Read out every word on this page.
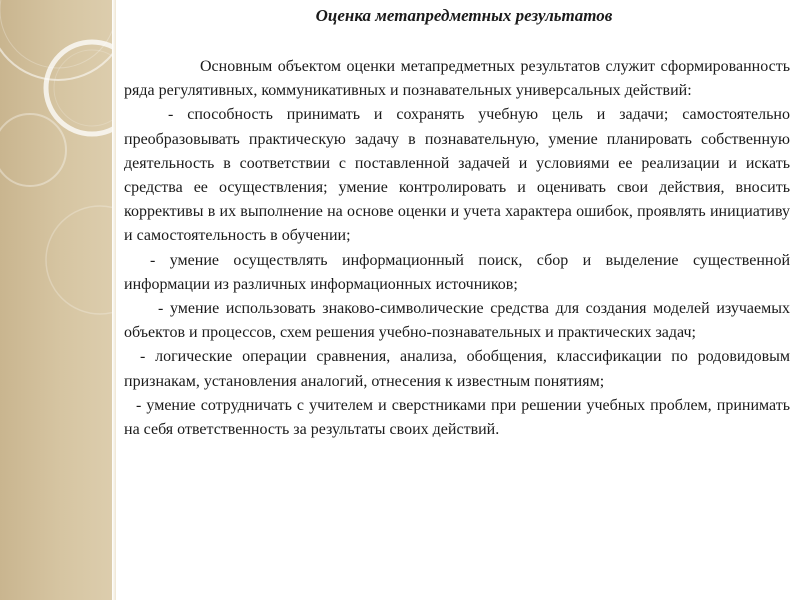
Оценка метапредметных результатов

Основным объектом оценки метапредметных результатов служит сформированность ряда регулятивных, коммуникативных и познавательных универсальных действий:

- способность принимать и сохранять учебную цель и задачи; самостоятельно преобразовывать практическую задачу в познавательную, умение планировать собственную деятельность в соответствии с поставленной задачей и условиями ее реализации и искать средства ее осуществления; умение контролировать и оценивать свои действия, вносить коррективы в их выполнение на основе оценки и учета характера ошибок, проявлять инициативу и самостоятельность в обучении;

- умение осуществлять информационный поиск, сбор и выделение существенной информации из различных информационных источников;

- умение использовать знаково-символические средства для создания моделей изучаемых объектов и процессов, схем решения учебно-познавательных и практических задач;

- логические операции сравнения, анализа, обобщения, классификации по родовидовым признакам, установления аналогий, отнесения к известным понятиям;

- умение сотрудничать с учителем и сверстниками при решении учебных проблем, принимать на себя ответственность за результаты своих действий.
